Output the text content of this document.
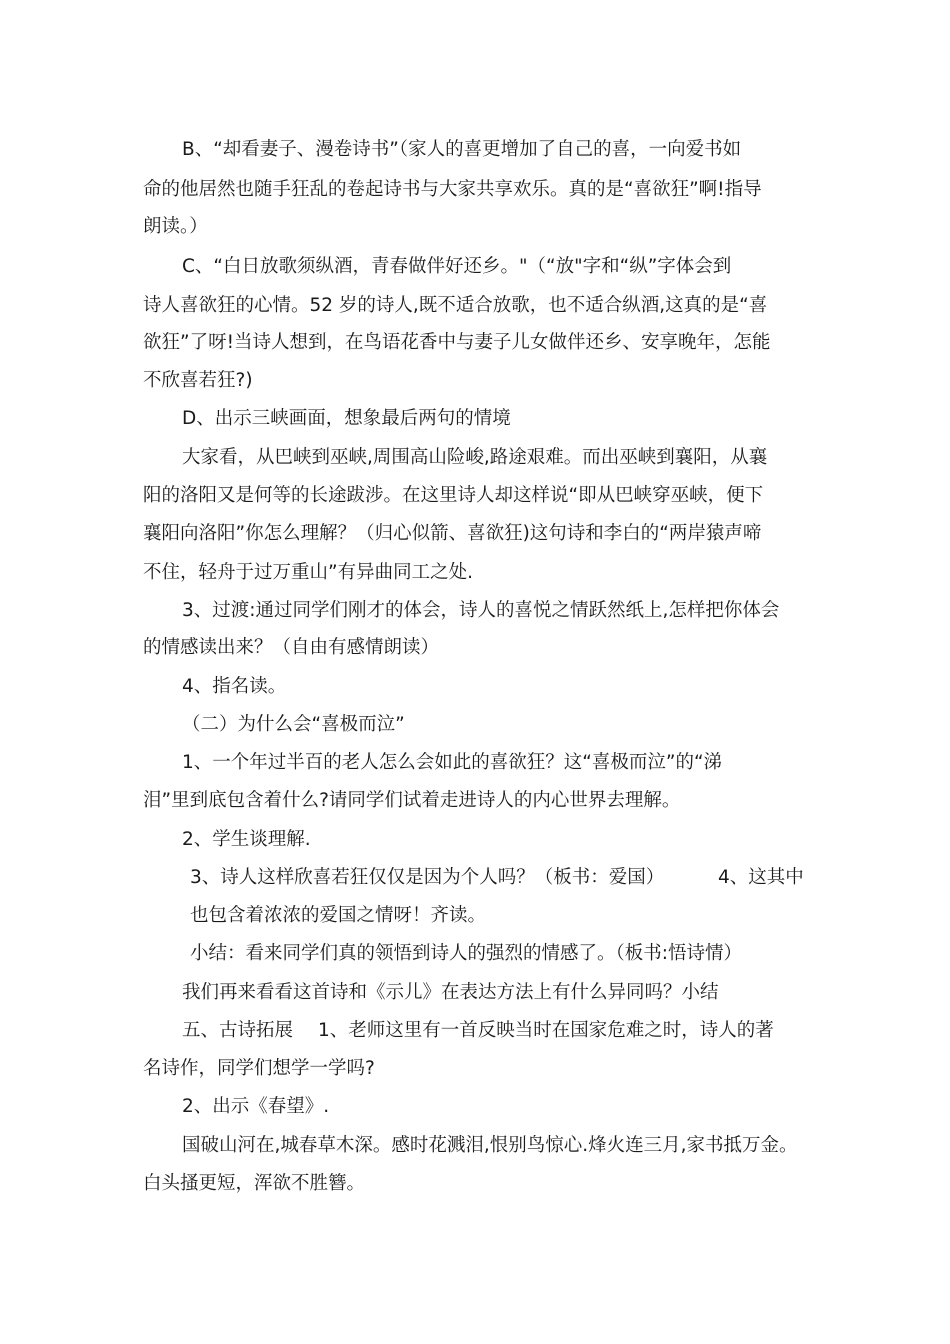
B、“却看妻子、漫卷诗书”（家人的喜更增加了自己的喜，一向爱书如
命的他居然也随手狂乱的卷起诗书与大家共享欢乐。真的是“喜欲狂”啊!指导
朗读。）
C、“白日放歌须纵酒，青春做伴好还乡。"（“放"字和“纵”字体会到
诗人喜欲狂的心情。52 岁的诗人,既不适合放歌，也不适合纵酒,这真的是“喜
欲狂”了呀!当诗人想到，在鸟语花香中与妻子儿女做伴还乡、安享晚年，怎能
不欣喜若狂?)
D、出示三峡画面，想象最后两句的情境
大家看，从巴峡到巫峡,周围高山险峻,路途艰难。而出巫峡到襄阳，从襄
阳的洛阳又是何等的长途跋涉。在这里诗人却这样说“即从巴峡穿巫峡，便下
襄阳向洛阳”你怎么理解？（归心似箭、喜欲狂)这句诗和李白的“两岸猿声啼
不住，轻舟于过万重山”有异曲同工之处.
3、过渡:通过同学们刚才的体会，诗人的喜悦之情跃然纸上,怎样把你体会
的情感读出来？（自由有感情朗读）
4、指名读。
（二）为什么会“喜极而泣”
1、一个年过半百的老人怎么会如此的喜欲狂？这“喜极而泣”的“涕
泪”里到底包含着什么?请同学们试着走进诗人的内心世界去理解。
2、学生谈理解.
3、诗人这样欣喜若狂仅仅是因为个人吗？（板书：爱国）	4、这其中
也包含着浓浓的爱国之情呀！齐读。
小结：看来同学们真的领悟到诗人的强烈的情感了。（板书:悟诗情）
我们再来看看这首诗和《示儿》在表达方法上有什么异同吗？小结
五、古诗拓展 1、老师这里有一首反映当时在国家危难之时，诗人的著
名诗作，同学们想学一学吗?
2、出示《春望》.
国破山河在,城春草木深。感时花溅泪,恨别鸟惊心.烽火连三月,家书抵万金。
白头搔更短，浑欲不胜簪。
